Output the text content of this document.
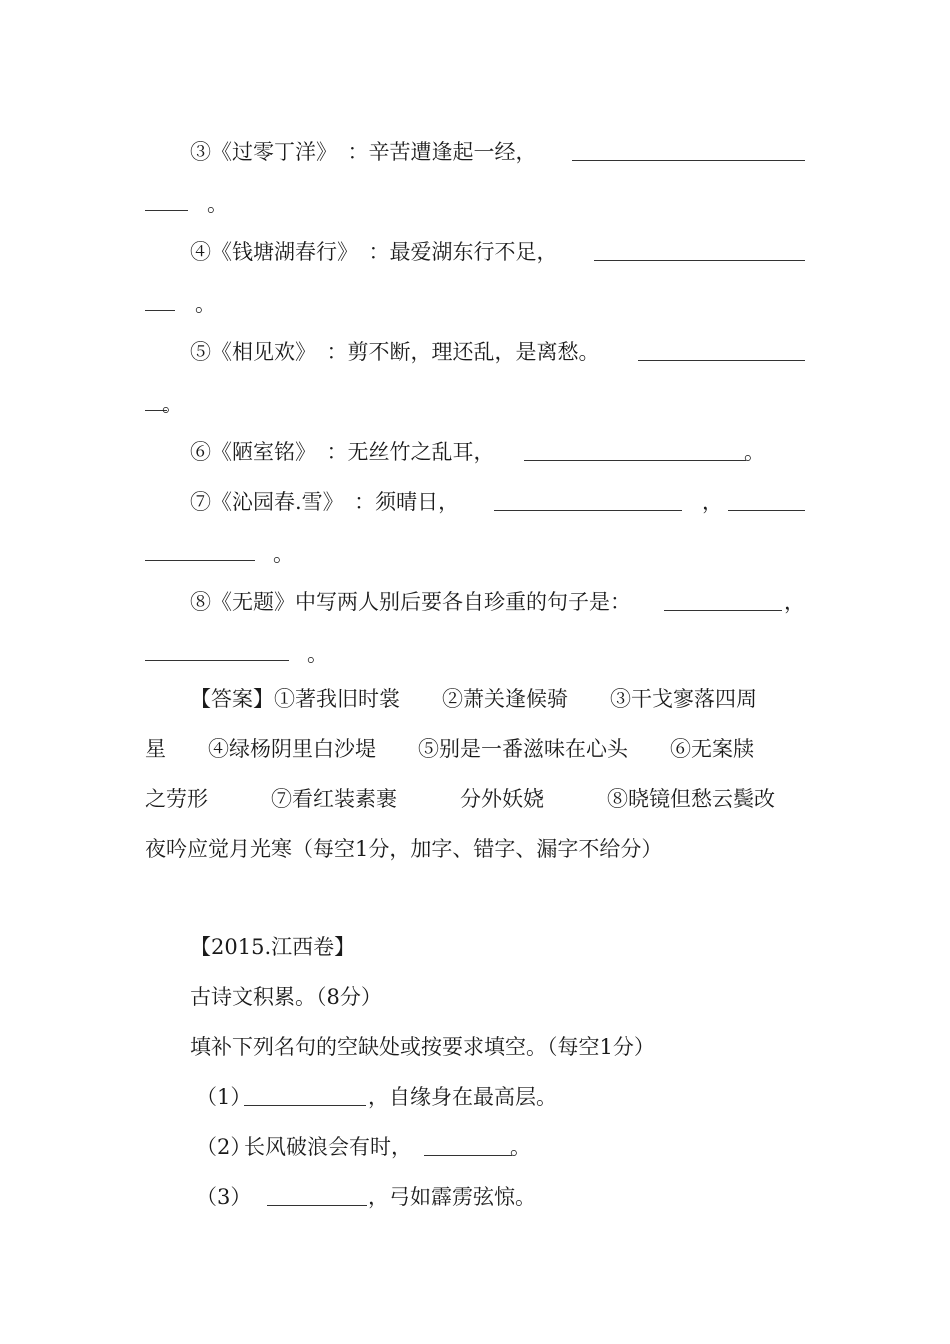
③《过零丁洋》　：辛苦遭逢起一经，
。
④《钱塘湖春行》　：最爱湖东行不足，
。
⑤《相见欢》　：剪不断，理还乱，是离愁。
。
⑥《陋室铭》　：无丝竹之乱耳，	。
⑦《沁园春.雪》　：须晴日，	，
。
⑧《无题》中写两人别后要各自珍重的句子是：	，
。
【答案】①著我旧时裳　　②萧关逢候骑　　③干戈寥落四周
星　　④绿杨阴里白沙堤　　⑤别是一番滋味在心头　　⑥无案牍
之劳形　　　⑦看红装素裹　　　分外妖娆　　　⑧晓镜但愁云鬓改
夜吟应觉月光寒（每空1分，加字、错字、漏字不给分）
【2015.江西卷】
古诗文积累。（8分）
填补下列名句的空缺处或按要求填空。（每空1分）
（1）	，自缘身在最高层。
（2）
长风破浪会有时，	。
（3）	，弓如霹雳弦惊。
